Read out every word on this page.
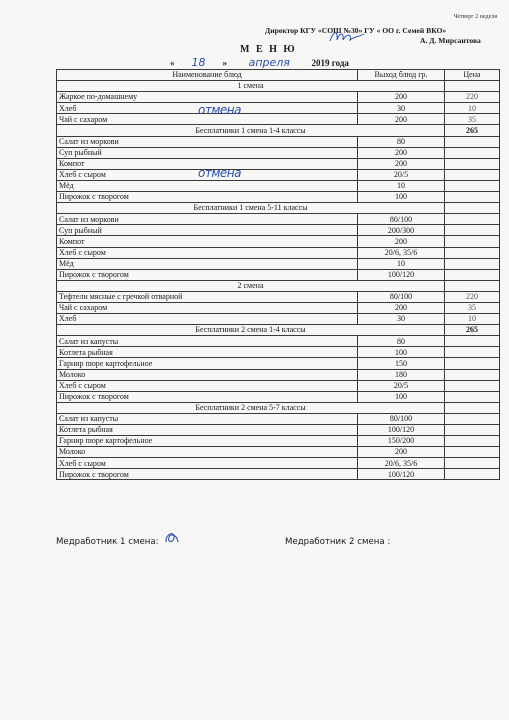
Четверг 2 неделя
Директор КГУ «СОШ №30» ГУ « ОО г. Семей ВКО»
А. Д. Мирсаитова
М Е Н Ю
« 18 » апреля 2019 года
Наименование блюд	Выход блюд гр.	Цена
1 смена		
Жаркое по-домашнему	200	220
Хлеб	30	10
Чай с сахаром	200	35
Бесплатники 1 смена 1-4 классы		265
Салат из моркови	80	
Суп рыбный	200	
Компот	200	
Хлеб с сыром	20/5	
Мёд	10	
Пирожок с творогом	100	
Бесплатники 1 смена 5-11 классы		
Салат из моркови	80/100	
Суп рыбный	200/300	
Компот	200	
Хлеб с сыром	20/6, 35/6	
Мёд	10	
Пирожок с творогом	100/120	
2 смена		
Тефтели мясные с гречкой отварной	80/100	220
Чай с сахаром	200	35
Хлеб	30	10
Бесплатники 2 смена 1-4 классы		265
Салат из капусты	80	
Котлета рыбная	100	
Гарнир пюре картофельное	150	
Молоко	180	
Хлеб с сыром	20/5	
Пирожок с творогом	100	
Бесплатники 2 смена 5-7 классы		
Салат из капусты	80/100	
Котлета рыбная	100/120	
Гарнир пюре картофельное	150/200	
Молоко	200	
Хлеб с сыром	20/6, 35/6	
Пирожок с творогом	100/120	
отмена
отмена
Медработник 1 смена:	Медработник 2 смена :
